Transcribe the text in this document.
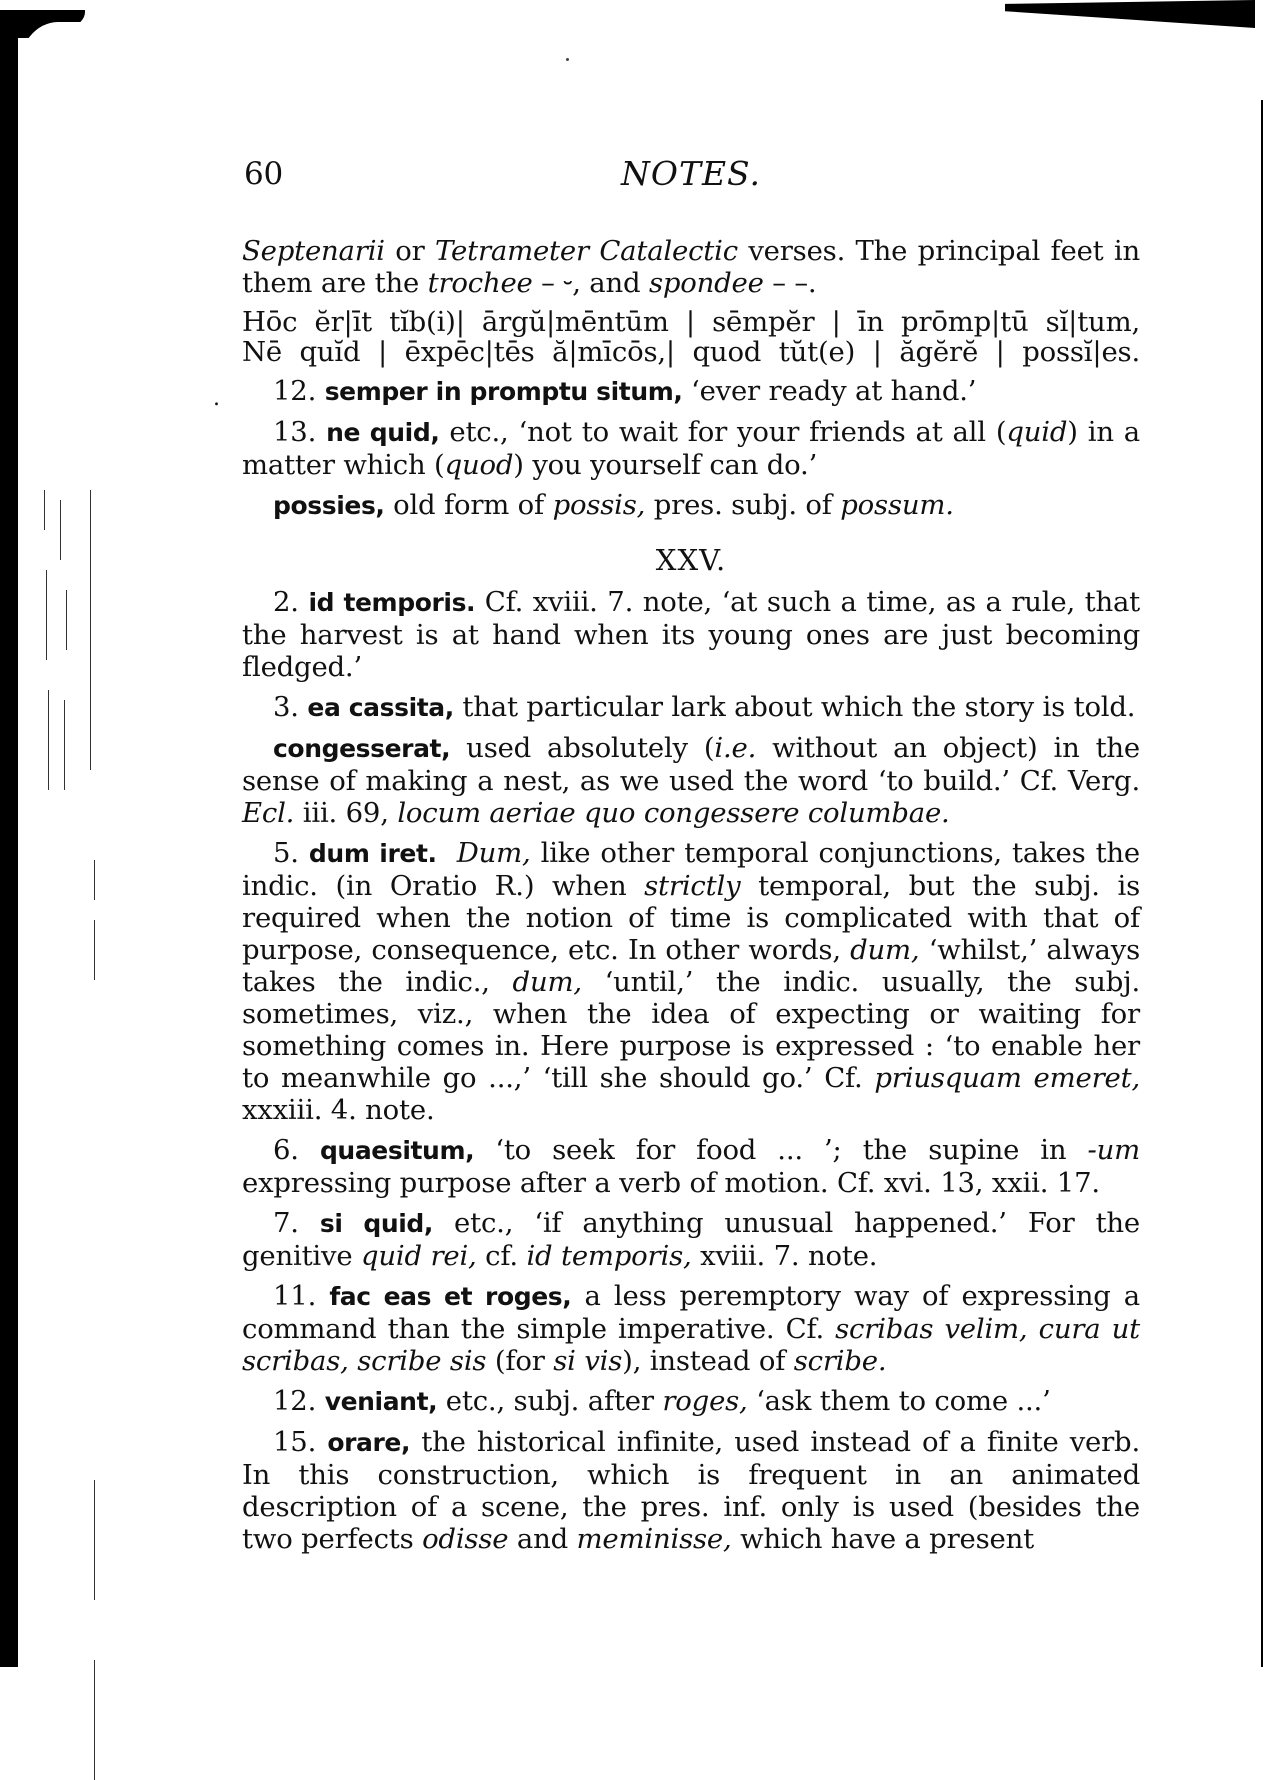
.
60	NOTES.

Septenarii or Tetrameter Catalectic verses. The principal feet in them are the trochee – ⏑, and spondee – –.

Hōc ĕr|īt tĭb(i)| ārgŭ|mēntūm | sēmpĕr | īn prōmp|tū sĭ|tum,

Nē quĭd | ēxpēc|tēs ă|mīcōs,| quod tŭt(e) | ăgĕrĕ | possĭ|es.

12. semper in promptu situm, ‘ever ready at hand.’

13. ne quid, etc., ‘not to wait for your friends at all (quid) in a matter which (quod) you yourself can do.’

possies, old form of possis, pres. subj. of possum.

XXV.

2. id temporis. Cf. xviii. 7. note, ‘at such a time, as a rule, that the harvest is at hand when its young ones are just becoming fledged.’

3. ea cassita, that particular lark about which the story is told.

congesserat, used absolutely (i.e. without an object) in the sense of making a nest, as we used the word ‘to build.’ Cf. Verg. Ecl. iii. 69, locum aeriae quo congessere columbae.

5. dum iret. Dum, like other temporal conjunctions, takes the indic. (in Oratio R.) when strictly temporal, but the subj. is required when the notion of time is complicated with that of purpose, consequence, etc. In other words, dum, ‘whilst,’ always takes the indic., dum, ‘until,’ the indic. usually, the subj. sometimes, viz., when the idea of expecting or waiting for something comes in. Here purpose is expressed : ‘to enable her to meanwhile go ...,’ ‘till she should go.’ Cf. priusquam emeret, xxxiii. 4. note.

6. quaesitum, ‘to seek for food ... ’; the supine in -um expressing purpose after a verb of motion. Cf. xvi. 13, xxii. 17.

7. si quid, etc., ‘if anything unusual happened.’ For the genitive quid rei, cf. id temporis, xviii. 7. note.

11. fac eas et roges, a less peremptory way of expressing a command than the simple imperative. Cf. scribas velim, cura ut scribas, scribe sis (for si vis), instead of scribe.

12. veniant, etc., subj. after roges, ‘ask them to come ...’

15. orare, the historical infinite, used instead of a finite verb. In this construction, which is frequent in an animated description of a scene, the pres. inf. only is used (besides the two perfects odisse and meminisse, which have a present
